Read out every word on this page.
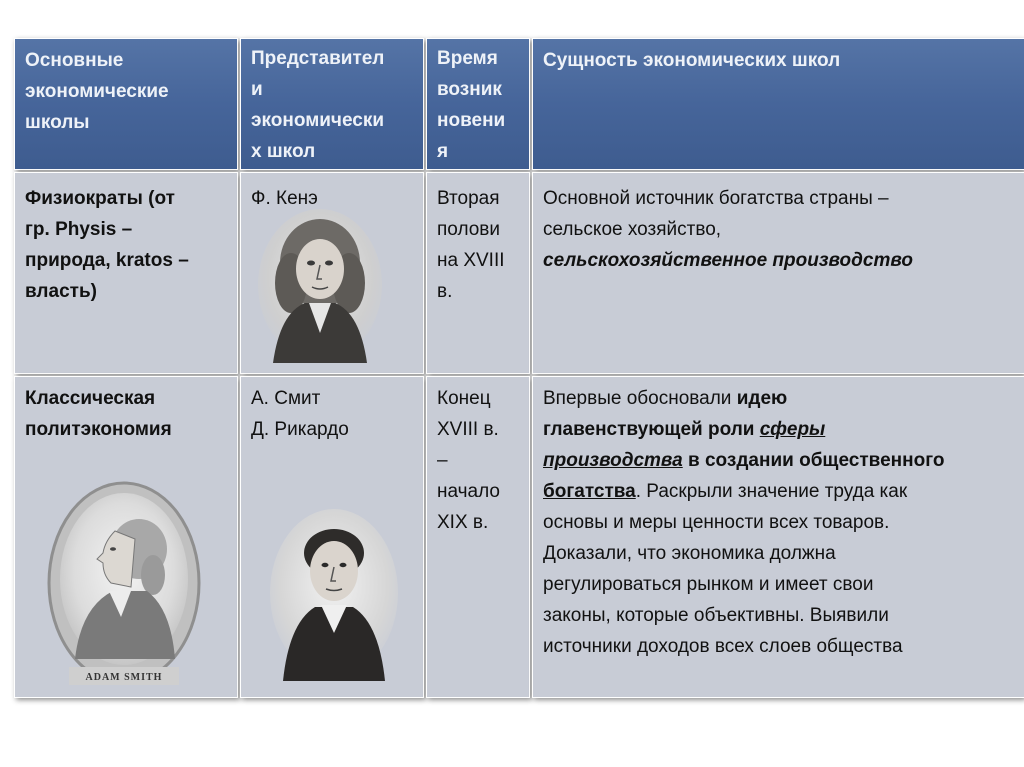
Основные
экономические
школы
Представител
и
экономически
х школ
Время
возник
новени
я
Сущность экономических школ
Физиократы (от
гр. Physis –
природа, kratos –
власть)
Ф. Кенэ	Вторая
полови
на XVIII
в.
Основной источник богатства страны –
сельское хозяйство,
сельскохозяйственное производство
Классическая
политэкономия
ADAM SMITH
А. Смит
Д. Рикардо
Конец
XVIII в.
–
начало
XIX в.
Впервые обосновали идею
главенствующей роли сферы
производства в создании общественного
богатства. Раскрыли значение труда как
основы и меры ценности всех товаров.
Доказали, что экономика должна
регулироваться рынком и имеет свои
законы, которые объективны. Выявили
источники доходов всех слоев общества
